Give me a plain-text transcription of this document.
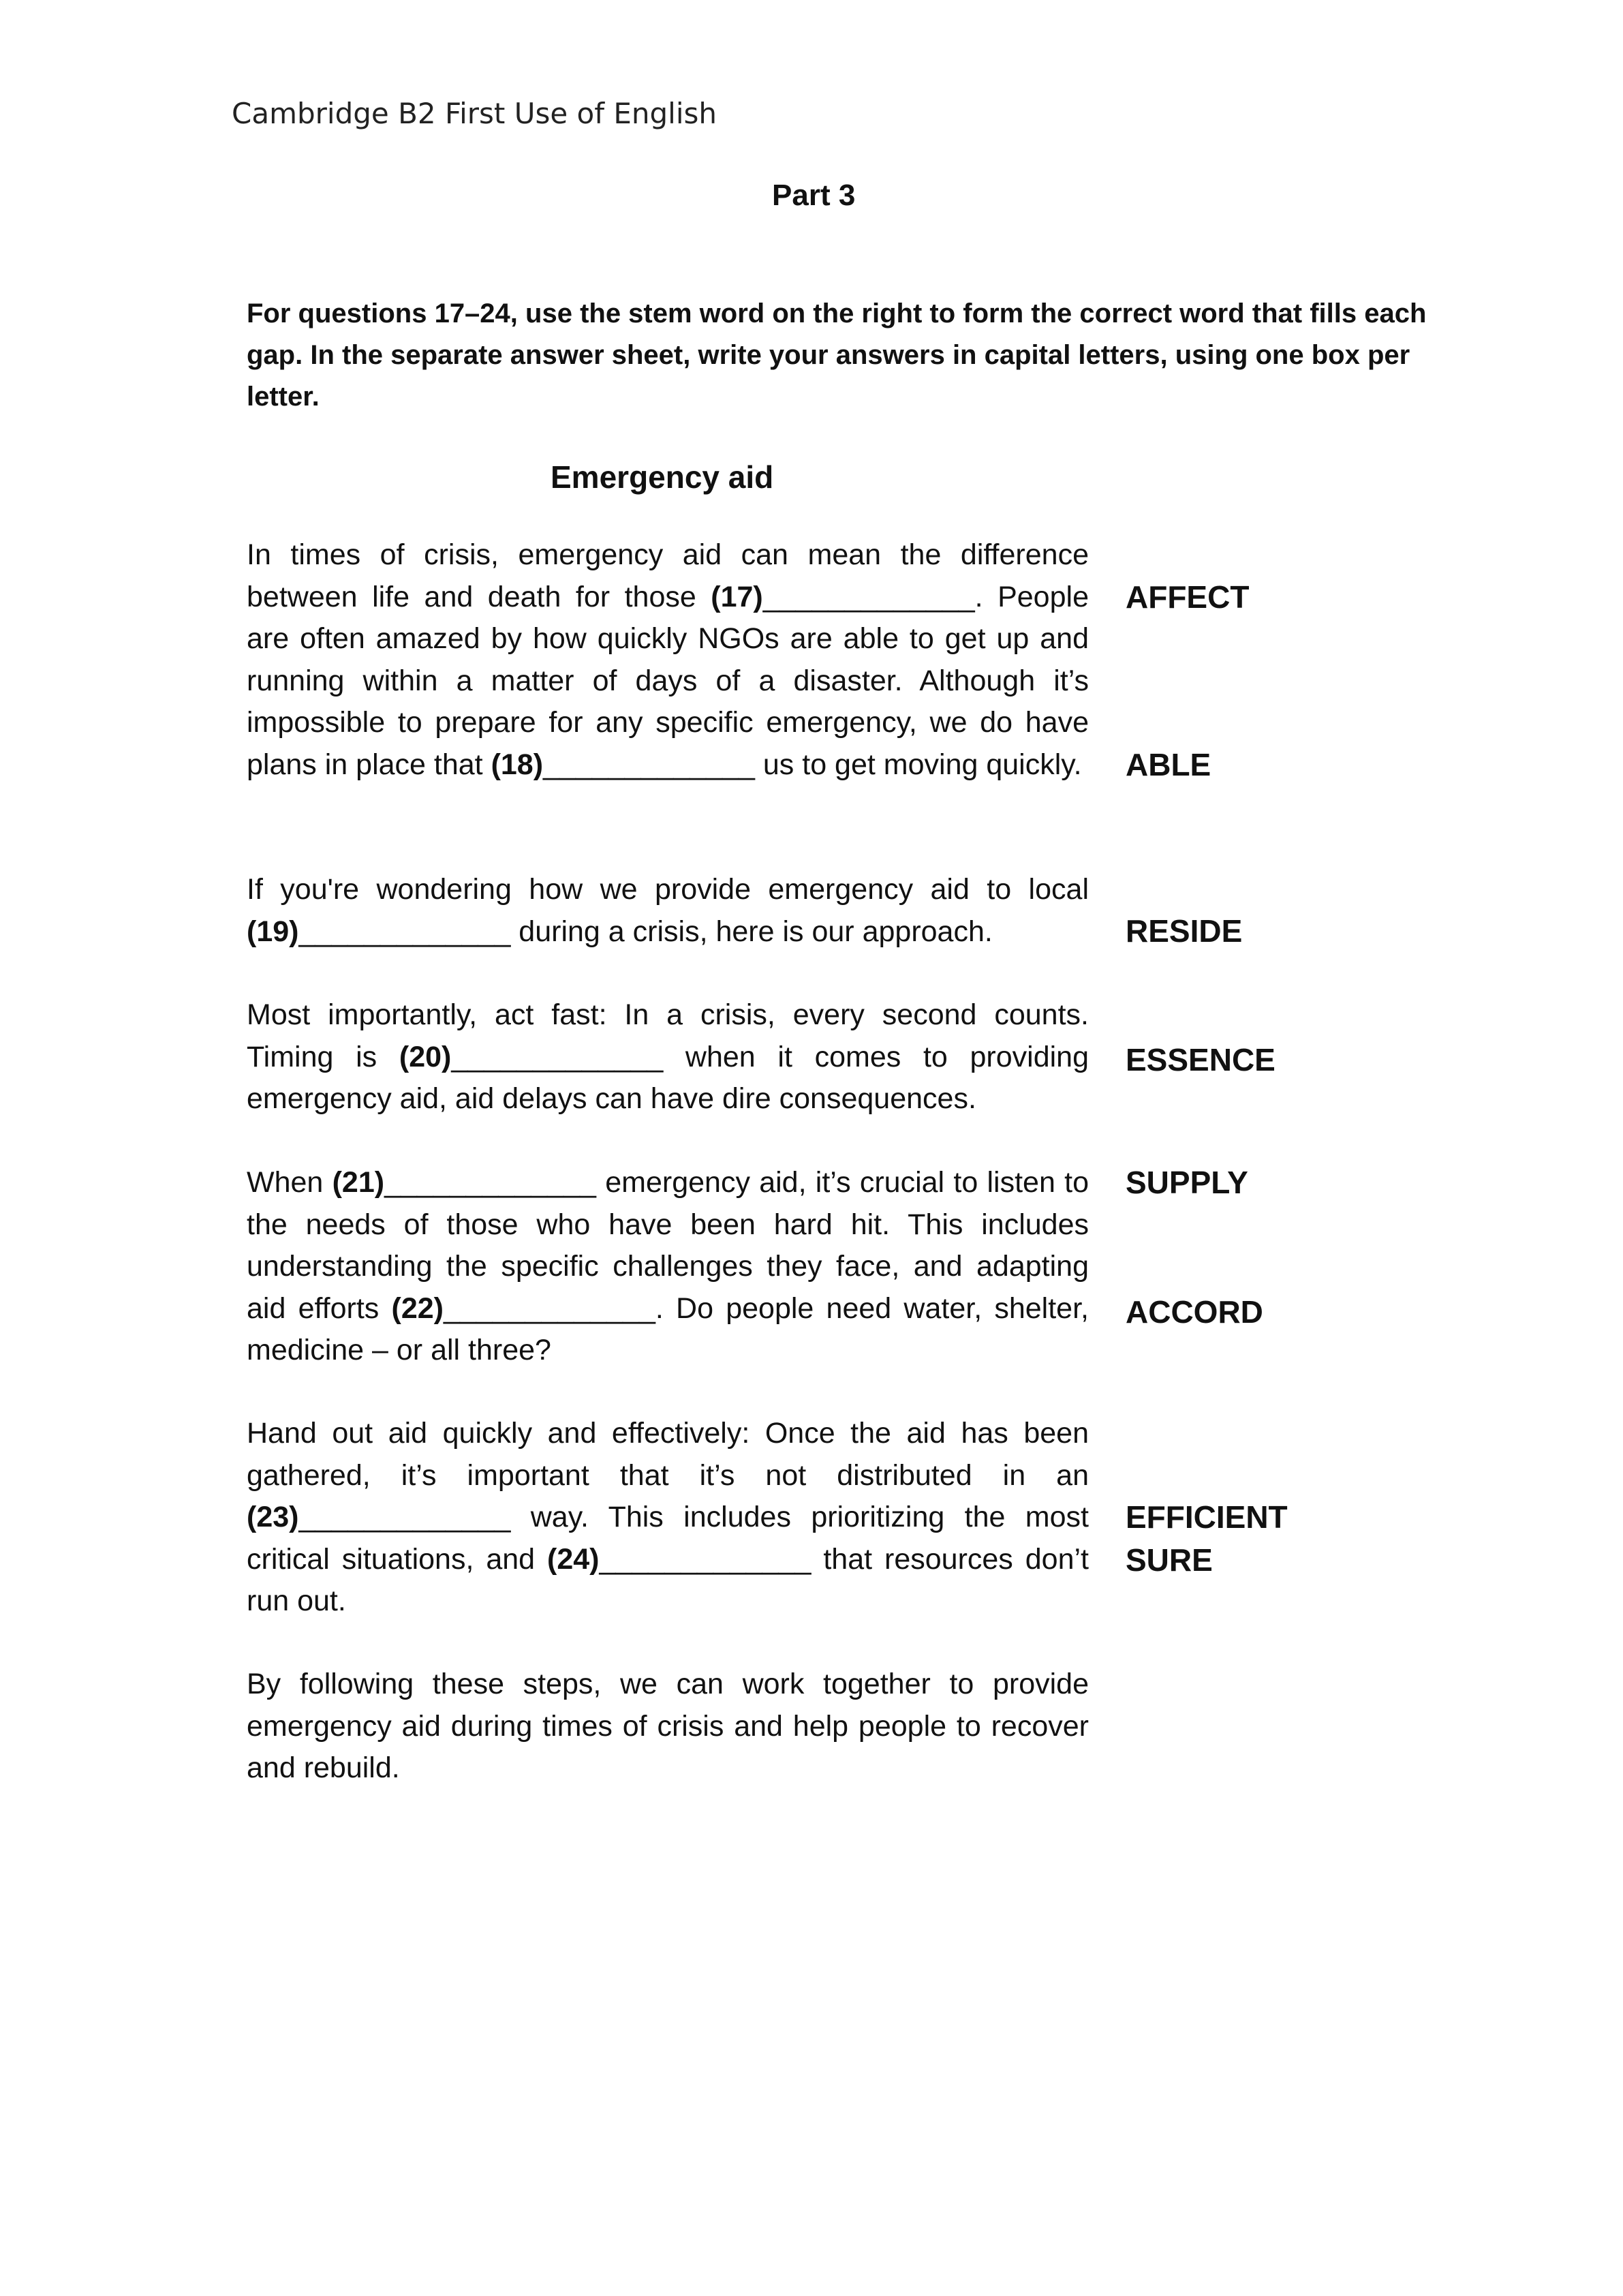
Cambridge B2 First Use of English
Part 3
For questions 17–24, use the stem word on the right to form the correct word that fills each gap. In the separate answer sheet, write your answers in capital letters, using one box per letter.
Emergency aid
In times of crisis, emergency aid can mean the difference between life and death for those (17)_____________. People are often amazed by how quickly NGOs are able to get up and running within a matter of days of a disaster. Although it’s impossible to prepare for any specific emergency, we do have plans in place that (18)_____________ us to get moving quickly.
If you're wondering how we provide emergency aid to local (19)_____________ during a crisis, here is our approach.
Most importantly, act fast: In a crisis, every second counts. Timing is (20)_____________ when it comes to providing emergency aid, aid delays can have dire consequences.
When (21)_____________ emergency aid, it’s crucial to listen to the needs of those who have been hard hit. This includes understanding the specific challenges they face, and adapting aid efforts (22)_____________. Do people need water, shelter, medicine – or all three?
Hand out aid quickly and effectively: Once the aid has been gathered, it’s important that it’s not distributed in an (23)_____________ way. This includes prioritizing the most critical situations, and (24)_____________ that resources don’t run out.
By following these steps, we can work together to provide emergency aid during times of crisis and help people to recover and rebuild.
AFFECT
ABLE
RESIDE
ESSENCE
SUPPLY
ACCORD
EFFICIENT
SURE
